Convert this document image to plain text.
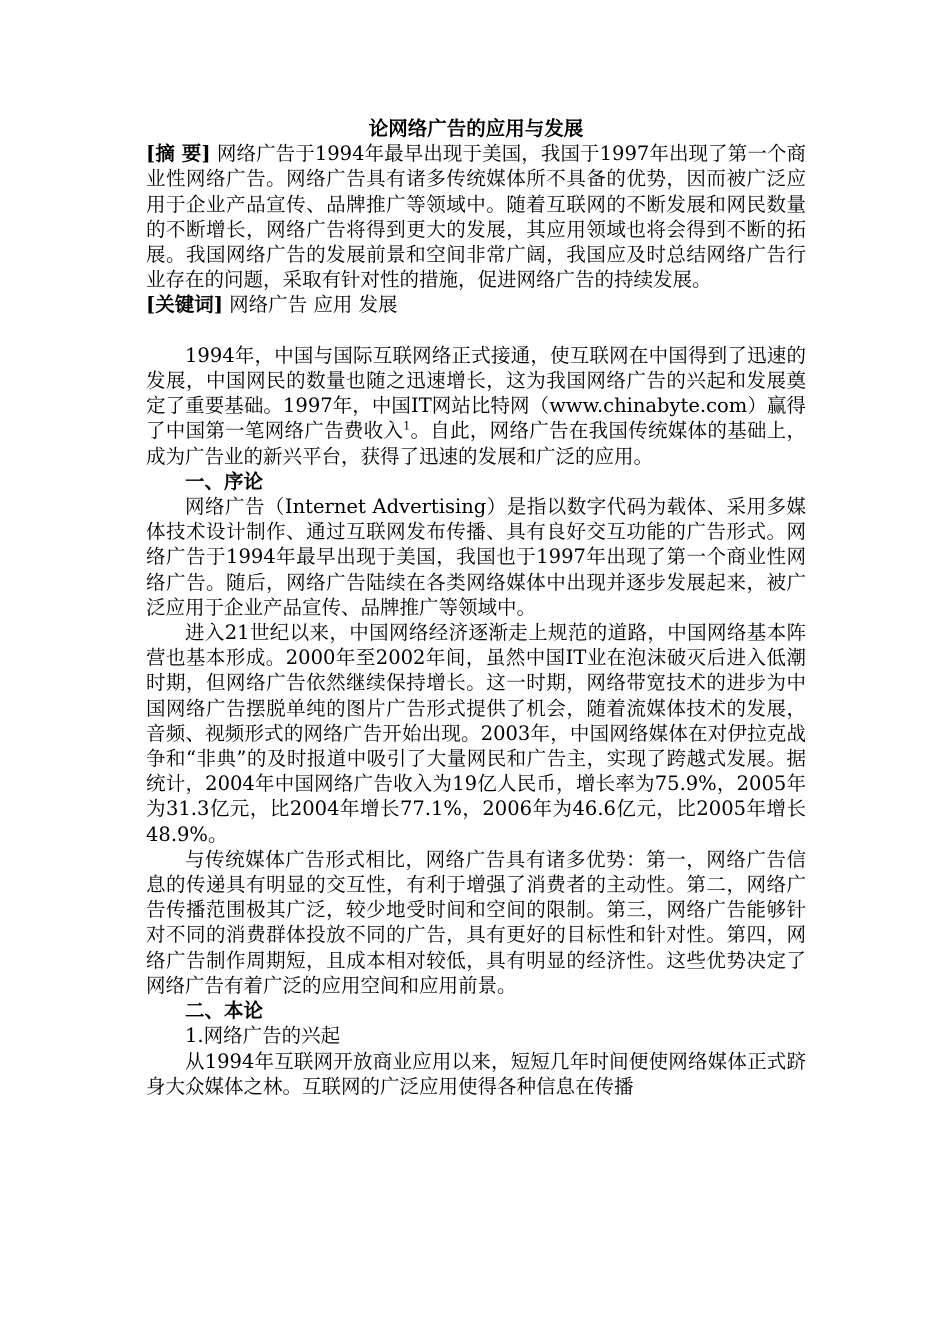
论网络广告的应用与发展

[摘 要] 网络广告于1994年最早出现于美国，我国于1997年出现了第一个商业性网络广告。网络广告具有诸多传统媒体所不具备的优势，因而被广泛应用于企业产品宣传、品牌推广等领域中。随着互联网的不断发展和网民数量的不断增长，网络广告将得到更大的发展，其应用领域也将会得到不断的拓展。我国网络广告的发展前景和空间非常广阔，我国应及时总结网络广告行业存在的问题，采取有针对性的措施，促进网络广告的持续发展。

[关键词] 网络广告 应用 发展

1994年，中国与国际互联网络正式接通，使互联网在中国得到了迅速的发展，中国网民的数量也随之迅速增长，这为我国网络广告的兴起和发展奠定了重要基础。1997年，中国IT网站比特网（www.chinabyte.com）赢得了中国第一笔网络广告费收入$^1$。自此，网络广告在我国传统媒体的基础上，成为广告业的新兴平台，获得了迅速的发展和广泛的应用。

一、序论

网络广告（Internet Advertising）是指以数字代码为载体、采用多媒体技术设计制作、通过互联网发布传播、具有良好交互功能的广告形式。网络广告于1994年最早出现于美国，我国也于1997年出现了第一个商业性网络广告。随后，网络广告陆续在各类网络媒体中出现并逐步发展起来，被广泛应用于企业产品宣传、品牌推广等领域中。

进入21世纪以来，中国网络经济逐渐走上规范的道路，中国网络基本阵营也基本形成。2000年至2002年间，虽然中国IT业在泡沫破灭后进入低潮时期，但网络广告依然继续保持增长。这一时期，网络带宽技术的进步为中国网络广告摆脱单纯的图片广告形式提供了机会，随着流媒体技术的发展，音频、视频形式的网络广告开始出现。2003年，中国网络媒体在对伊拉克战争和“非典”的及时报道中吸引了大量网民和广告主，实现了跨越式发展。据统计，2004年中国网络广告收入为19亿人民币，增长率为75.9%，2005年为31.3亿元，比2004年增长77.1%，2006年为46.6亿元，比2005年增长48.9%。

与传统媒体广告形式相比，网络广告具有诸多优势：第一，网络广告信息的传递具有明显的交互性，有利于增强了消费者的主动性。第二，网络广告传播范围极其广泛，较少地受时间和空间的限制。第三，网络广告能够针对不同的消费群体投放不同的广告，具有更好的目标性和针对性。第四，网络广告制作周期短，且成本相对较低，具有明显的经济性。这些优势决定了网络广告有着广泛的应用空间和应用前景。

二、本论

1.网络广告的兴起

从1994年互联网开放商业应用以来，短短几年时间便使网络媒体正式跻身大众媒体之林。互联网的广泛应用使得各种信息在传播
